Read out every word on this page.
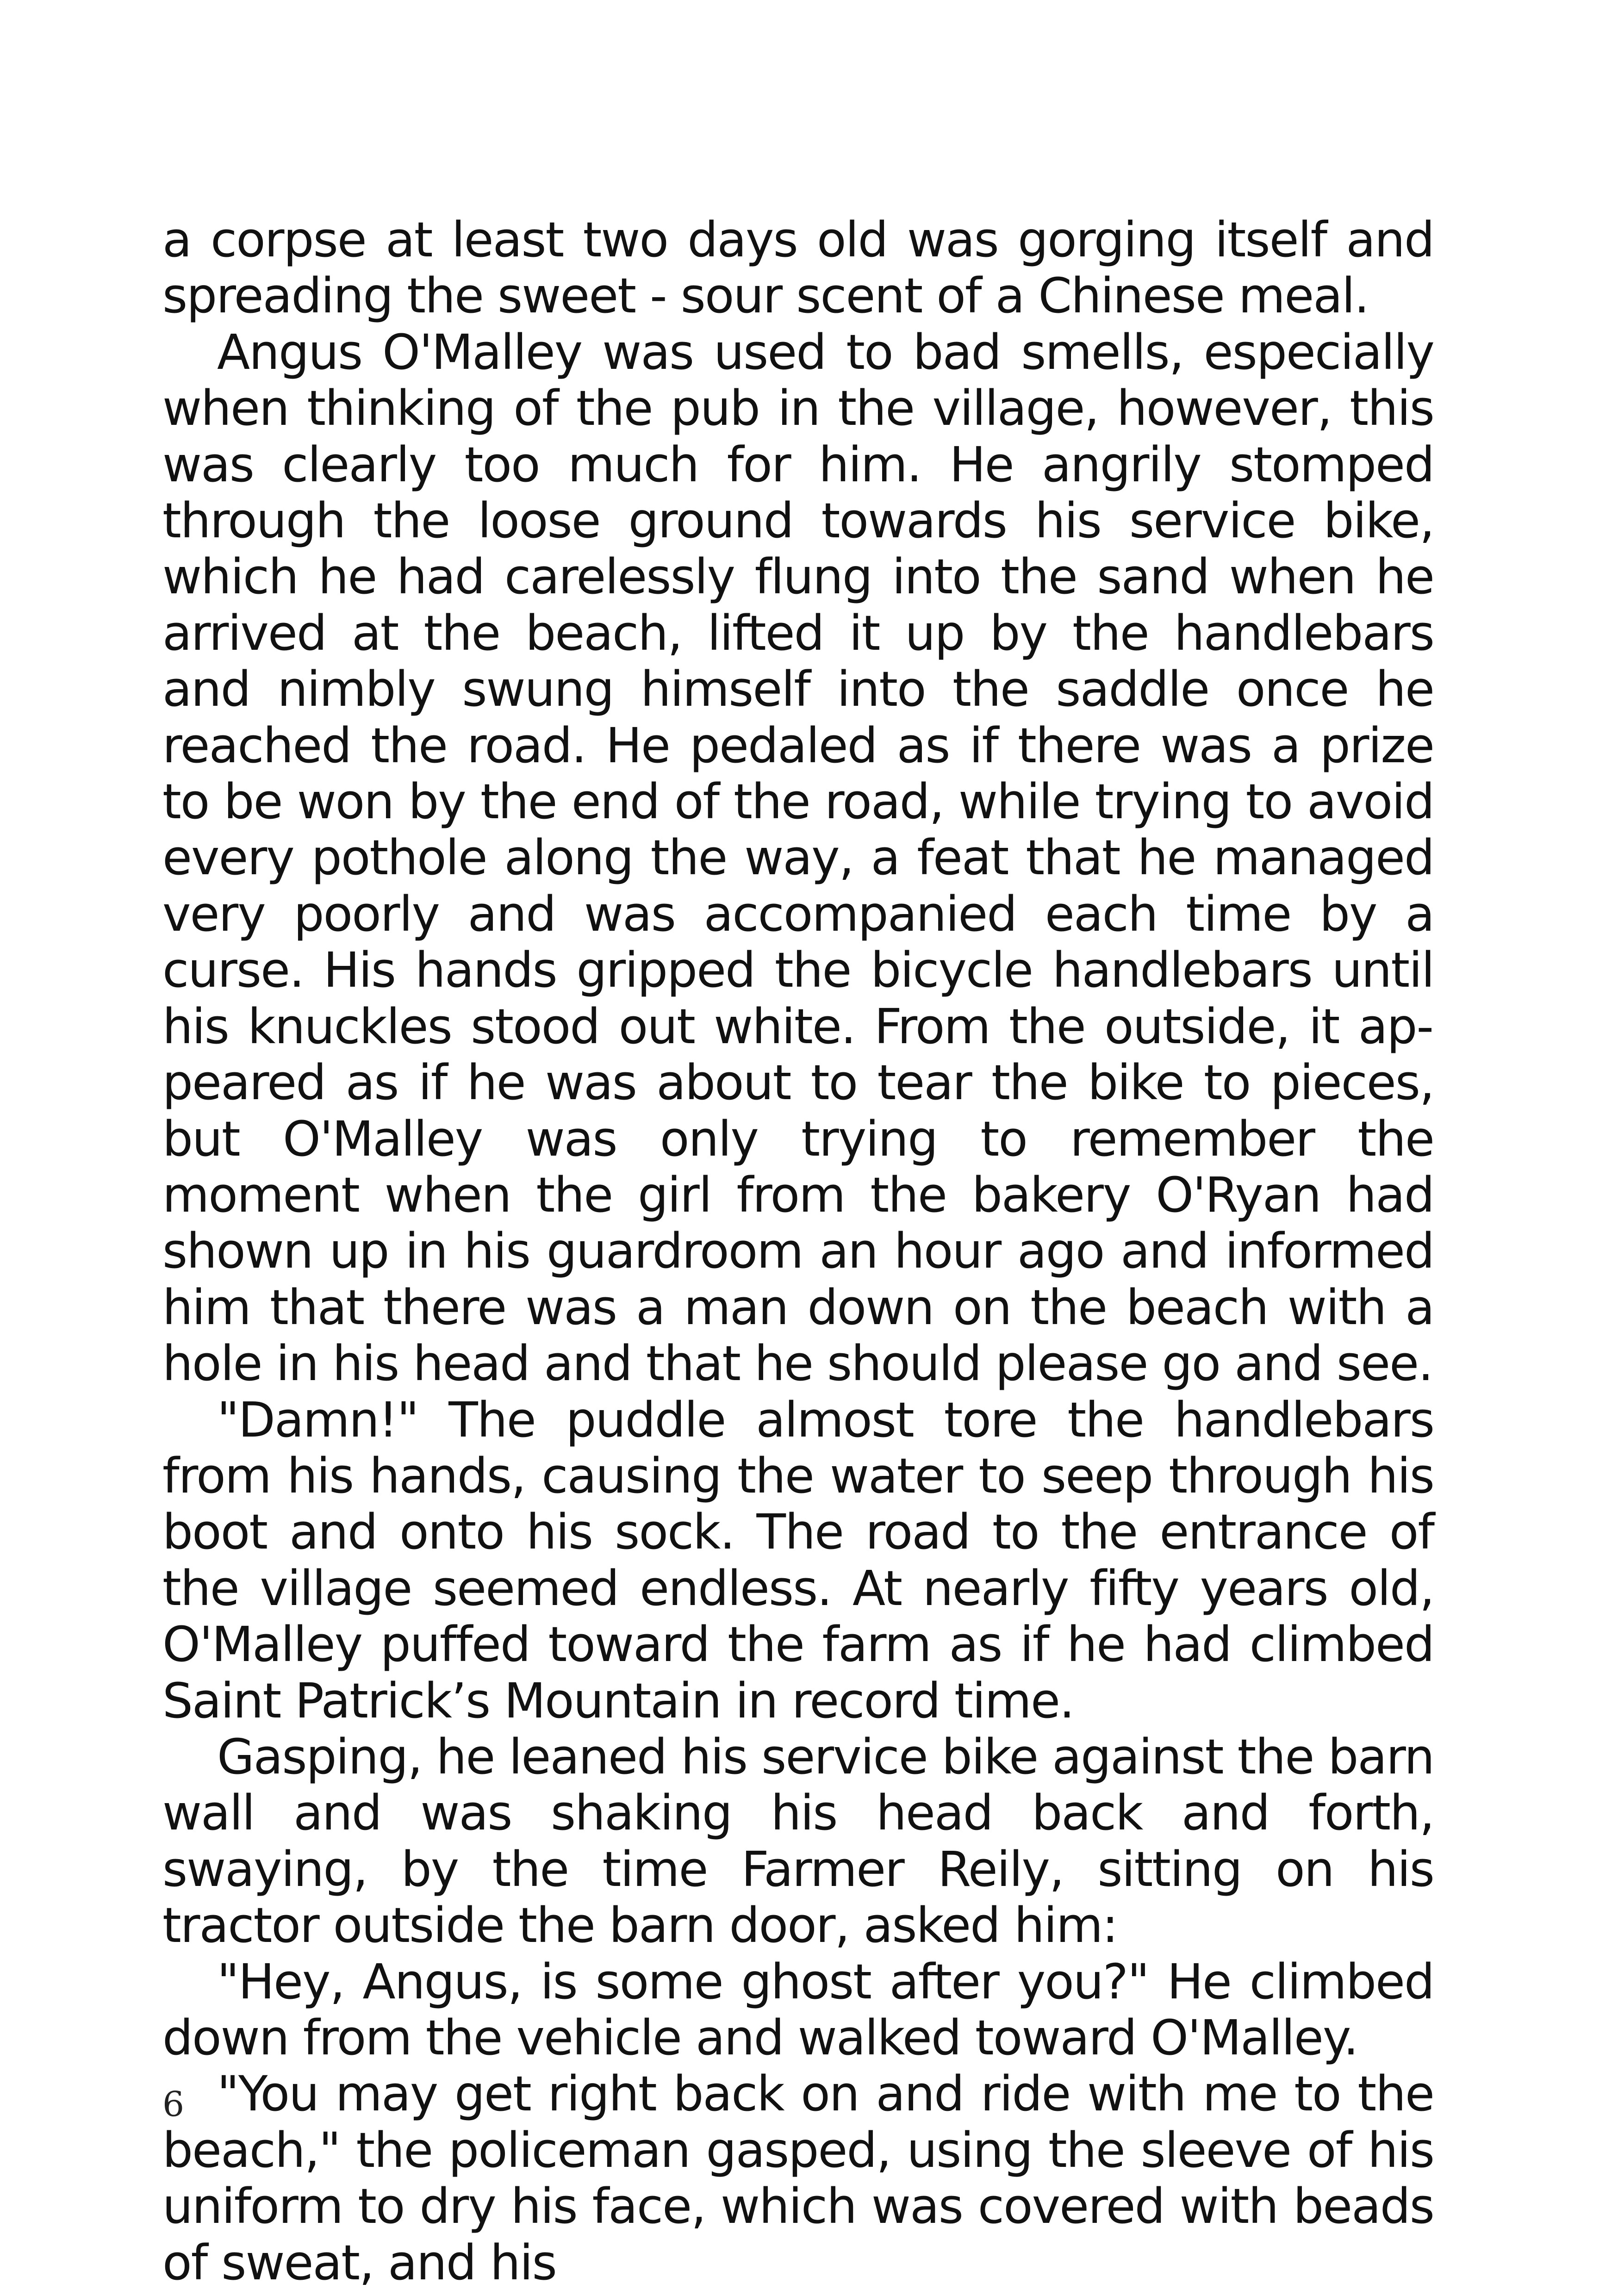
a corpse at least two days old was gorging itself and spreading the sweet - sour scent of a Chinese meal.

Angus O'Malley was used to bad smells, especially when thinking of the pub in the village, however, this was clearly too much for him. He angrily stomped through the loose ground towards his service bike, which he had carelessly flung into the sand when he arrived at the beach, lifted it up by the handlebars and nimbly swung himself into the saddle once he reached the road. He pedaled as if there was a prize to be won by the end of the road, while trying to avoid every pothole along the way, a feat that he managed very poorly and was accompanied each time by a curse. His hands gripped the bicycle handlebars until his knuckles stood out white. From the outside, it appeared as if he was about to tear the bike to pieces, but O'Malley was only trying to remember the moment when the girl from the bakery O'Ryan had shown up in his guardroom an hour ago and informed him that there was a man down on the beach with a hole in his head and that he should please go and see.

"Damn!" The puddle almost tore the handlebars from his hands, causing the water to seep through his boot and onto his sock. The road to the entrance of the village seemed endless. At nearly fifty years old, O'Malley puffed toward the farm as if he had climbed Saint Patrick’s Mountain in record time.

Gasping, he leaned his service bike against the barn wall and was shaking his head back and forth, swaying, by the time Farmer Reily, sitting on his tractor outside the barn door, asked him:

"Hey, Angus, is some ghost after you?" He climbed down from the vehicle and walked toward O'Malley.

"You may get right back on and ride with me to the beach," the policeman gasped, using the sleeve of his uniform to dry his face, which was covered with beads of sweat, and his

6
